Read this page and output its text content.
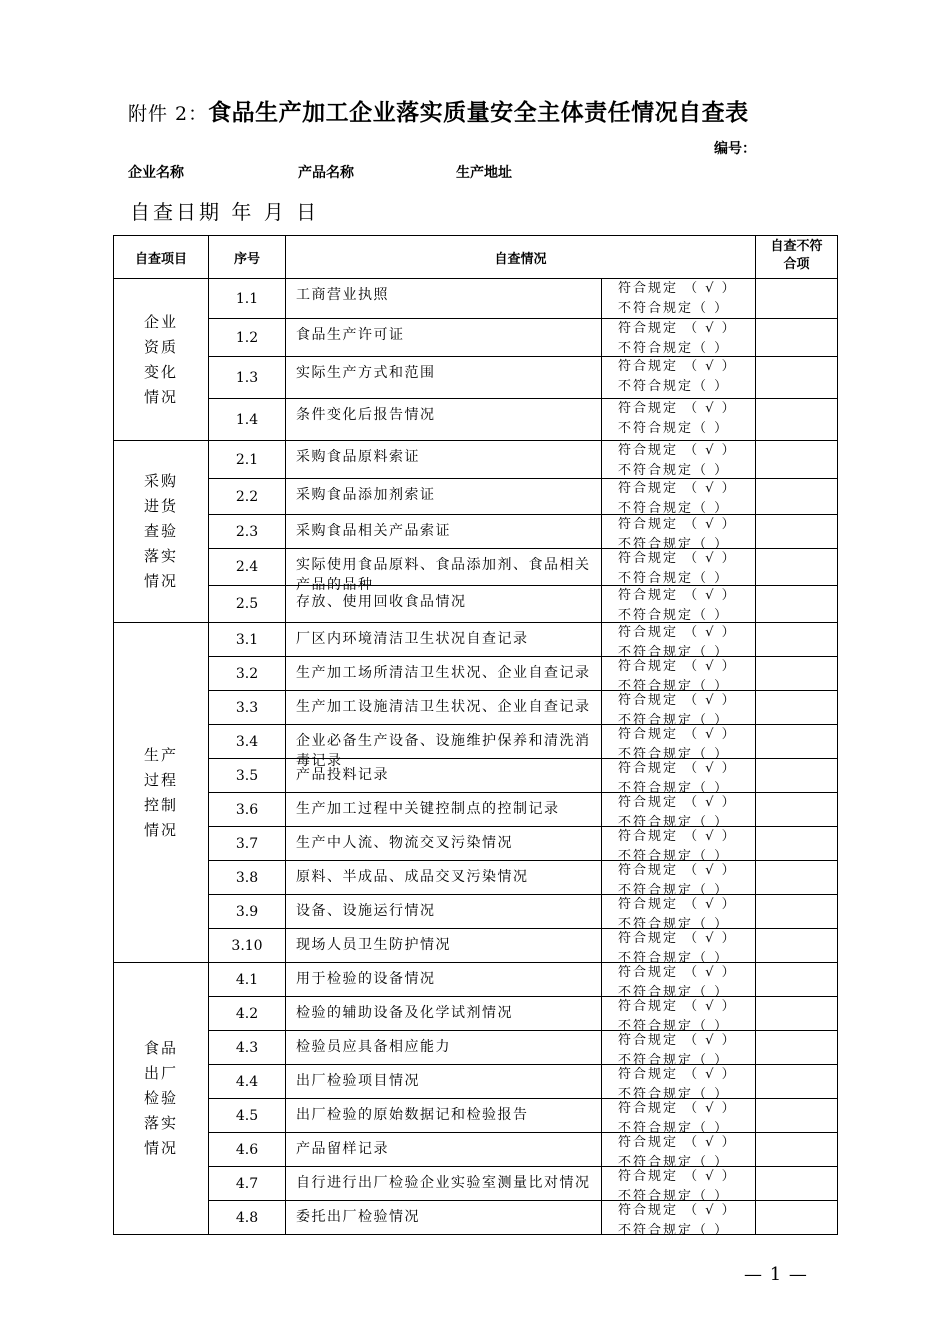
附件 2：食品生产加工企业落实质量安全主体责任情况自查表
编号：
企业名称	产品名称	生产地址
自查日期 年 月 日
自查项目	序号	自查情况		自查不符合项

企业
资质
变化
情况	1.1	工商营业执照	符合规定 （ √ ）
不符合规定（ ）	

	1.2	食品生产许可证	符合规定 （ √ ）
不符合规定（ ）	

	1.3	实际生产方式和范围	符合规定 （ √ ）
不符合规定（ ）	

	1.4	条件变化后报告情况	符合规定 （ √ ）
不符合规定（ ）	

采购
进货
查验
落实
情况	2.1	采购食品原料索证	符合规定 （ √ ）
不符合规定（ ）	

	2.2	采购食品添加剂索证	符合规定 （ √ ）
不符合规定（ ）	

	2.3	采购食品相关产品索证	符合规定 （ √ ）
不符合规定（ ）	

	2.4	实际使用食品原料、食品添加剂、食品相关产品的品种	符合规定 （ √ ）
不符合规定（ ）	

	2.5	存放、使用回收食品情况	符合规定 （ √ ）
不符合规定（ ）	

生产
过程
控制
情况	3.1	厂区内环境清洁卫生状况自查记录	符合规定 （ √ ）
不符合规定（ ）	

	3.2	生产加工场所清洁卫生状况、企业自查记录	符合规定 （ √ ）
不符合规定（ ）	

	3.3	生产加工设施清洁卫生状况、企业自查记录	符合规定 （ √ ）
不符合规定（ ）	

	3.4	企业必备生产设备、设施维护保养和清洗消毒记录	符合规定 （ √ ）
不符合规定（ ）	

	3.5	产品投料记录	符合规定 （ √ ）
不符合规定（ ）	

	3.6	生产加工过程中关键控制点的控制记录	符合规定 （ √ ）
不符合规定（ ）	

	3.7	生产中人流、物流交叉污染情况	符合规定 （ √ ）
不符合规定（ ）	

	3.8	原料、半成品、成品交叉污染情况	符合规定 （ √ ）
不符合规定（ ）	

	3.9	设备、设施运行情况	符合规定 （ √ ）
不符合规定（ ）	

	3.10	现场人员卫生防护情况	符合规定 （ √ ）
不符合规定（ ）	

食品
出厂
检验
落实
情况	4.1	用于检验的设备情况	符合规定 （ √ ）
不符合规定（ ）	

	4.2	检验的辅助设备及化学试剂情况	符合规定 （ √ ）
不符合规定（ ）	

	4.3	检验员应具备相应能力	符合规定 （ √ ）
不符合规定（ ）	

	4.4	出厂检验项目情况	符合规定 （ √ ）
不符合规定（ ）	

	4.5	出厂检验的原始数据记和检验报告	符合规定 （ √ ）
不符合规定（ ）	

	4.6	产品留样记录	符合规定 （ √ ）
不符合规定（ ）	

	4.7	自行进行出厂检验企业实验室测量比对情况	符合规定 （ √ ）
不符合规定（ ）	

	4.8	委托出厂检验情况	符合规定 （ √ ）
不符合规定（ ）	

— 1 —
